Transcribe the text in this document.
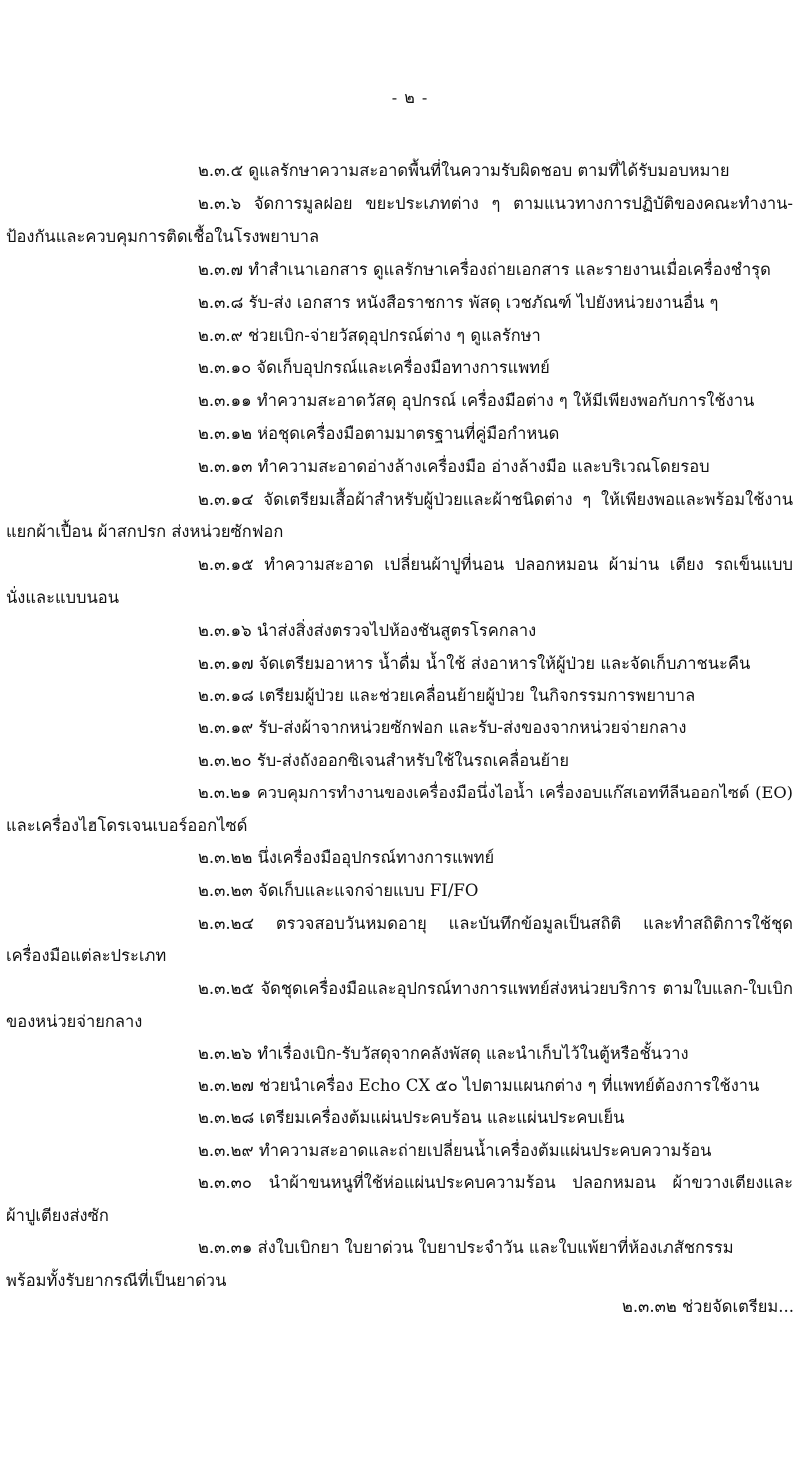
- ๒ -
๒.๓.๕ ดูแลรักษาความสะอาดพื้นที่ในความรับผิดชอบ ตามที่ได้รับมอบหมาย
๒.๓.๖ จัดการมูลฝอย ขยะประเภทต่าง ๆ ตามแนวทางการปฏิบัติของคณะทำงาน-
ป้องกันและควบคุมการติดเชื้อในโรงพยาบาล
๒.๓.๗ ทำสำเนาเอกสาร ดูแลรักษาเครื่องถ่ายเอกสาร และรายงานเมื่อเครื่องชำรุด
๒.๓.๘ รับ-ส่ง เอกสาร หนังสือราชการ พัสดุ เวชภัณฑ์ ไปยังหน่วยงานอื่น ๆ
๒.๓.๙ ช่วยเบิก-จ่ายวัสดุอุปกรณ์ต่าง ๆ ดูแลรักษา
๒.๓.๑๐ จัดเก็บอุปกรณ์และเครื่องมือทางการแพทย์
๒.๓.๑๑ ทำความสะอาดวัสดุ อุปกรณ์ เครื่องมือต่าง ๆ ให้มีเพียงพอกับการใช้งาน
๒.๓.๑๒ ห่อชุดเครื่องมือตามมาตรฐานที่คู่มือกำหนด
๒.๓.๑๓ ทำความสะอาดอ่างล้างเครื่องมือ อ่างล้างมือ และบริเวณโดยรอบ
๒.๓.๑๔ จัดเตรียมเสื้อผ้าสำหรับผู้ป่วยและผ้าชนิดต่าง ๆ ให้เพียงพอและพร้อมใช้งาน
แยกผ้าเปื้อน ผ้าสกปรก ส่งหน่วยซักฟอก
๒.๓.๑๕ ทำความสะอาด เปลี่ยนผ้าปูที่นอน ปลอกหมอน ผ้าม่าน เตียง รถเข็นแบบ
นั่งและแบบนอน
๒.๓.๑๖ นำส่งสิ่งส่งตรวจไปห้องชันสูตรโรคกลาง
๒.๓.๑๗ จัดเตรียมอาหาร น้ำดื่ม น้ำใช้ ส่งอาหารให้ผู้ป่วย และจัดเก็บภาชนะคืน
๒.๓.๑๘ เตรียมผู้ป่วย และช่วยเคลื่อนย้ายผู้ป่วย ในกิจกรรมการพยาบาล
๒.๓.๑๙ รับ-ส่งผ้าจากหน่วยซักฟอก และรับ-ส่งของจากหน่วยจ่ายกลาง
๒.๓.๒๐ รับ-ส่งถังออกซิเจนสำหรับใช้ในรถเคลื่อนย้าย
๒.๓.๒๑ ควบคุมการทำงานของเครื่องมือนึ่งไอน้ำ เครื่องอบแก๊สเอททีลีนออกไซด์ (EO)
และเครื่องไฮโดรเจนเบอร์ออกไซด์
๒.๓.๒๒ นึ่งเครื่องมืออุปกรณ์ทางการแพทย์
๒.๓.๒๓ จัดเก็บและแจกจ่ายแบบ FI/FO
๒.๓.๒๔ ตรวจสอบวันหมดอายุ และบันทึกข้อมูลเป็นสถิติ และทำสถิติการใช้ชุด
เครื่องมือแต่ละประเภท
๒.๓.๒๕ จัดชุดเครื่องมือและอุปกรณ์ทางการแพทย์ส่งหน่วยบริการ ตามใบแลก-ใบเบิก
ของหน่วยจ่ายกลาง
๒.๓.๒๖ ทำเรื่องเบิก-รับวัสดุจากคลังพัสดุ และนำเก็บไว้ในตู้หรือชั้นวาง
๒.๓.๒๗ ช่วยนำเครื่อง Echo CX ๕๐ ไปตามแผนกต่าง ๆ ที่แพทย์ต้องการใช้งาน
๒.๓.๒๘ เตรียมเครื่องต้มแผ่นประคบร้อน และแผ่นประคบเย็น
๒.๓.๒๙ ทำความสะอาดและถ่ายเปลี่ยนน้ำเครื่องต้มแผ่นประคบความร้อน
๒.๓.๓๐ นำผ้าขนหนูที่ใช้ห่อแผ่นประคบความร้อน ปลอกหมอน ผ้าขวางเตียงและ
ผ้าปูเตียงส่งซัก
๒.๓.๓๑ ส่งใบเบิกยา ใบยาด่วน ใบยาประจำวัน และใบแพ้ยาที่ห้องเภสัชกรรม
พร้อมทั้งรับยากรณีที่เป็นยาด่วน
๒.๓.๓๒ ช่วยจัดเตรียม...
